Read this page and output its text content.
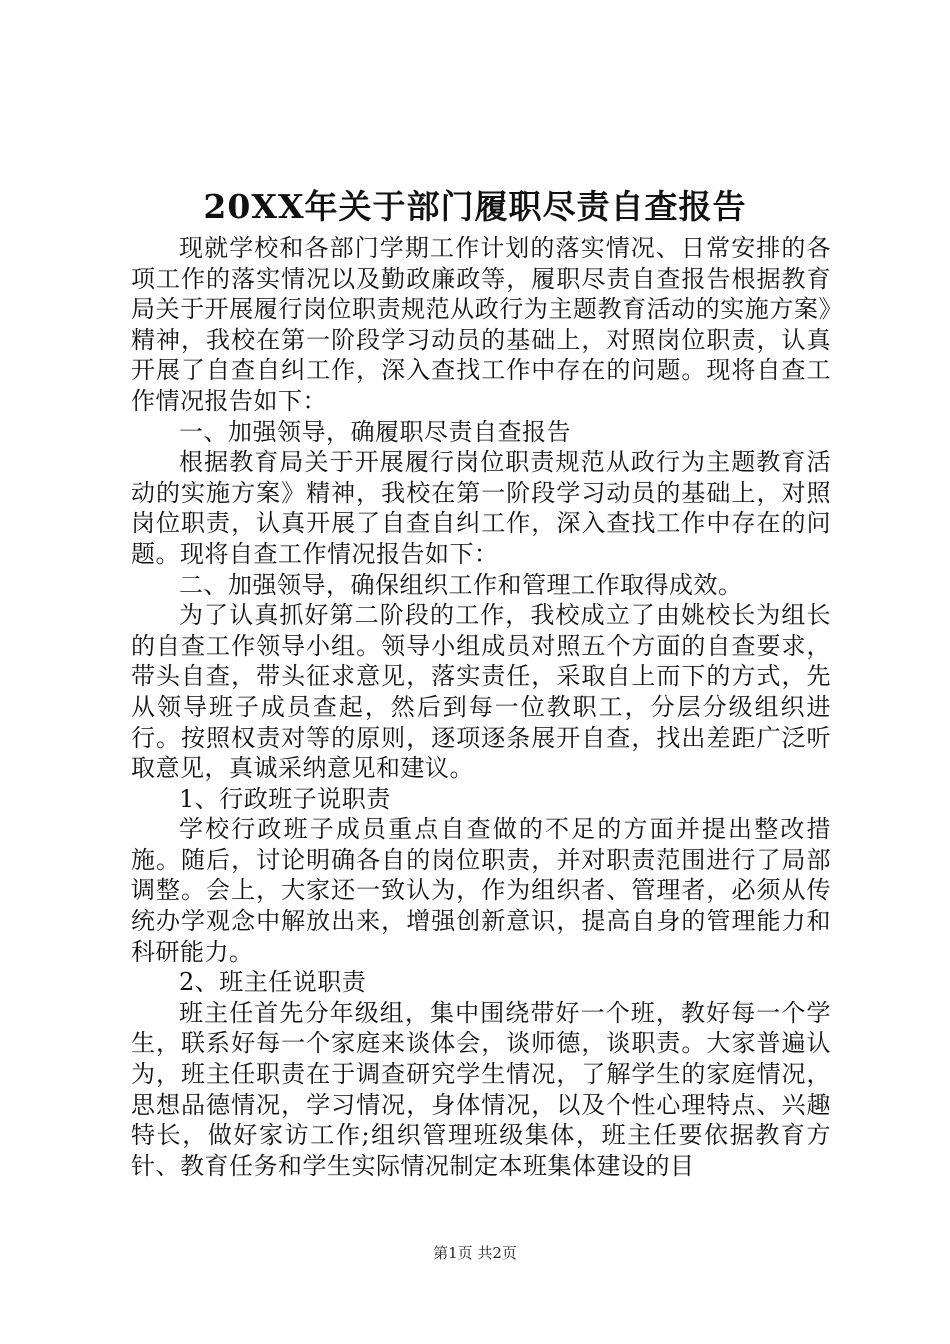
20XX年关于部门履职尽责自查报告

现就学校和各部门学期工作计划的落实情况、日常安排的各项工作的落实情况以及勤政廉政等，履职尽责自查报告根据教育局关于开展履行岗位职责规范从政行为主题教育活动的实施方案》精神，我校在第一阶段学习动员的基础上，对照岗位职责，认真开展了自查自纠工作，深入查找工作中存在的问题。现将自查工作情况报告如下：

一、加强领导，确履职尽责自查报告

根据教育局关于开展履行岗位职责规范从政行为主题教育活动的实施方案》精神，我校在第一阶段学习动员的基础上，对照岗位职责，认真开展了自查自纠工作，深入查找工作中存在的问题。现将自查工作情况报告如下：

二、加强领导，确保组织工作和管理工作取得成效。

为了认真抓好第二阶段的工作，我校成立了由姚校长为组长的自查工作领导小组。领导小组成员对照五个方面的自查要求，带头自查，带头征求意见，落实责任，采取自上而下的方式，先从领导班子成员查起，然后到每一位教职工，分层分级组织进行。按照权责对等的原则，逐项逐条展开自查，找出差距广泛听取意见，真诚采纳意见和建议。

1、行政班子说职责

学校行政班子成员重点自查做的不足的方面并提出整改措施。随后，讨论明确各自的岗位职责，并对职责范围进行了局部调整。会上，大家还一致认为，作为组织者、管理者，必须从传统办学观念中解放出来，增强创新意识，提高自身的管理能力和科研能力。

2、班主任说职责

班主任首先分年级组，集中围绕带好一个班，教好每一个学生，联系好每一个家庭来谈体会，谈师德，谈职责。大家普遍认为，班主任职责在于调查研究学生情况，了解学生的家庭情况，思想品德情况，学习情况，身体情况，以及个性心理特点、兴趣特长，做好家访工作;组织管理班级集体，班主任要依据教育方针、教育任务和学生实际情况制定本班集体建设的目

第1页 共2页
